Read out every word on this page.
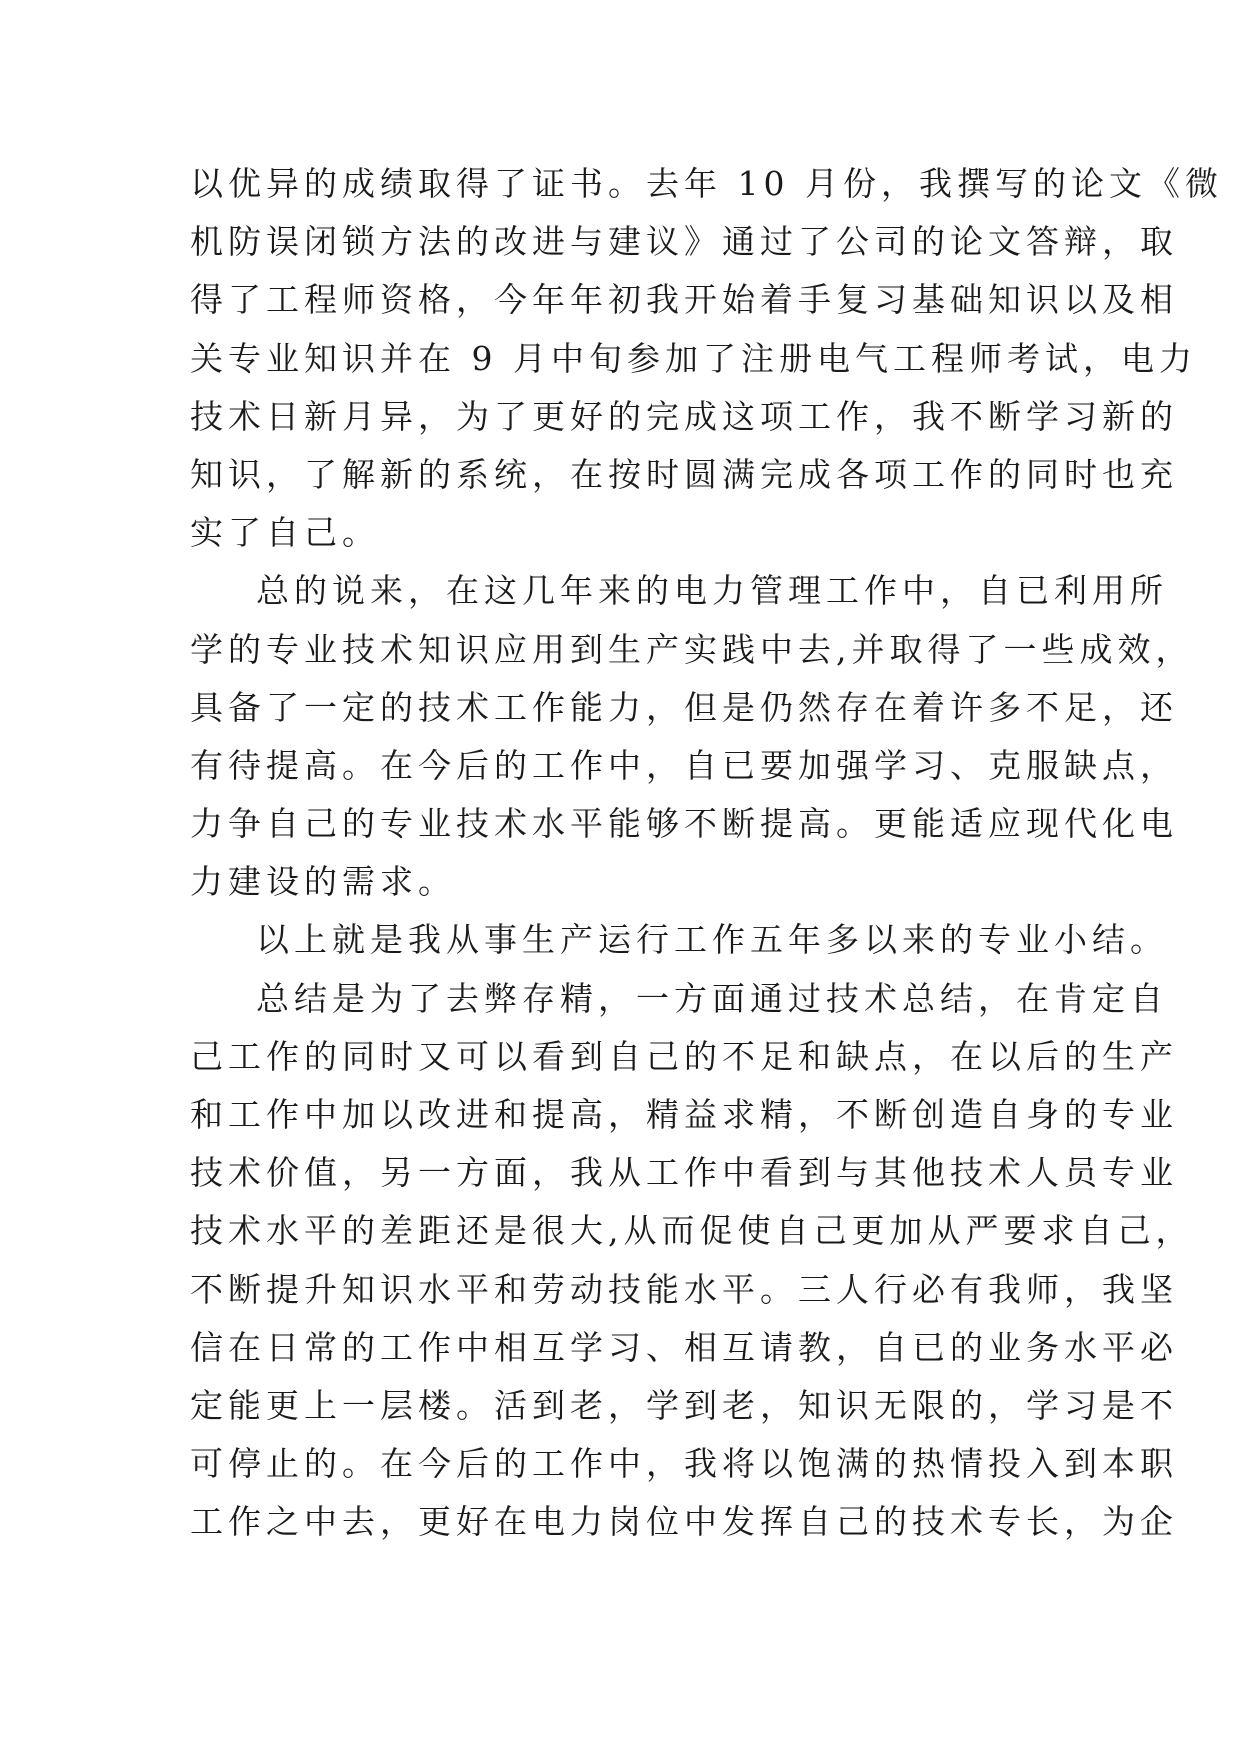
以优异的成绩取得了证书。去年 10 月份，我撰写的论文《微
机防误闭锁方法的改进与建议》通过了公司的论文答辩，取
得了工程师资格，今年年初我开始着手复习基础知识以及相
关专业知识并在 9 月中旬参加了注册电气工程师考试，电力
技术日新月异，为了更好的完成这项工作，我不断学习新的
知识，了解新的系统，在按时圆满完成各项工作的同时也充
实了自己。
总的说来，在这几年来的电力管理工作中，自已利用所
学的专业技术知识应用到生产实践中去,并取得了一些成效，
具备了一定的技术工作能力，但是仍然存在着许多不足，还
有待提高。在今后的工作中，自已要加强学习、克服缺点，
力争自己的专业技术水平能够不断提高。更能适应现代化电
力建设的需求。
以上就是我从事生产运行工作五年多以来的专业小结。
总结是为了去弊存精，一方面通过技术总结，在肯定自
己工作的同时又可以看到自己的不足和缺点，在以后的生产
和工作中加以改进和提高，精益求精，不断创造自身的专业
技术价值，另一方面，我从工作中看到与其他技术人员专业
技术水平的差距还是很大,从而促使自己更加从严要求自己，
不断提升知识水平和劳动技能水平。三人行必有我师，我坚
信在日常的工作中相互学习、相互请教，自已的业务水平必
定能更上一层楼。活到老，学到老，知识无限的，学习是不
可停止的。在今后的工作中，我将以饱满的热情投入到本职
工作之中去，更好在电力岗位中发挥自己的技术专长，为企
